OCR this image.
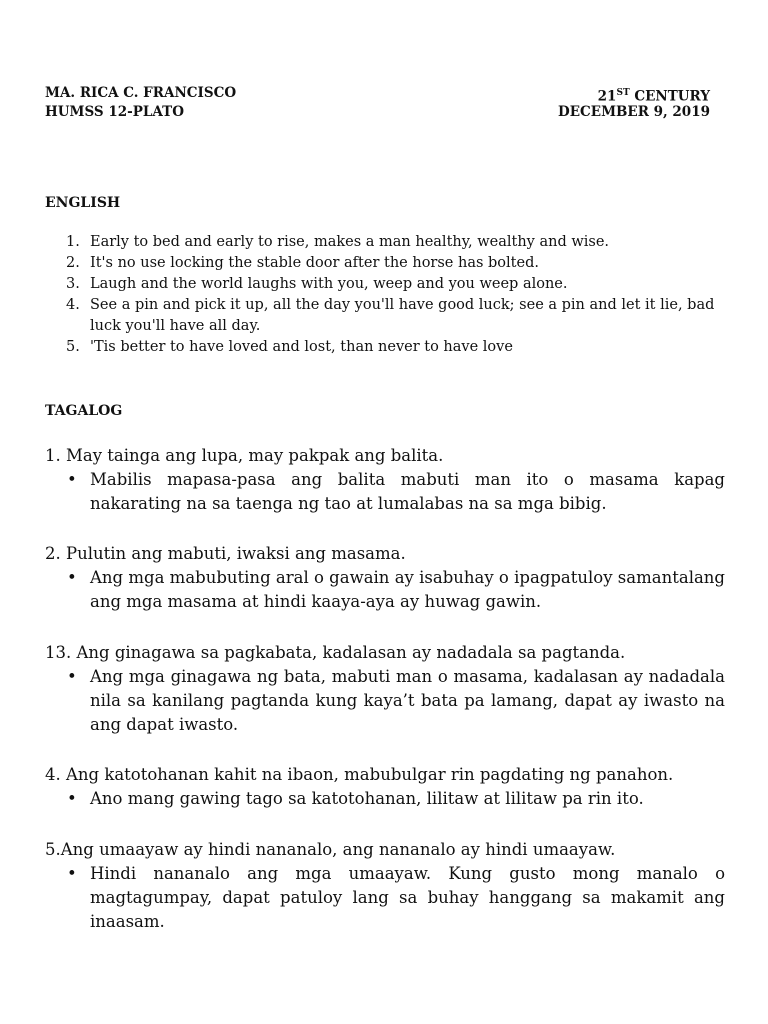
MA. RICA C. FRANCISCO
HUMSS 12-PLATO
21ST CENTURY
DECEMBER 9, 2019
ENGLISH
1. Early to bed and early to rise, makes a man healthy, wealthy and wise.
2. It's no use locking the stable door after the horse has bolted.
3. Laugh and the world laughs with you, weep and you weep alone.
4. See a pin and pick it up, all the day you'll have good luck; see a pin and let it lie, bad luck you'll have all day.
5. 'Tis better to have loved and lost, than never to have love
TAGALOG
1. May tainga ang lupa, may pakpak ang balita.
• Mabilis mapasa-pasa ang balita mabuti man ito o masama kapag nakarating na sa taenga ng tao at lumalabas na sa mga bibig.
2. Pulutin ang mabuti, iwaksi ang masama.
• Ang mga mabubuting aral o gawain ay isabuhay o ipagpatuloy samantalang ang mga masama at hindi kaaya-aya ay huwag gawin.
13. Ang ginagawa sa pagkabata, kadalasan ay nadadala sa pagtanda.
• Ang mga ginagawa ng bata, mabuti man o masama, kadalasan ay nadadala nila sa kanilang pagtanda kung kaya’t bata pa lamang, dapat ay iwasto na ang dapat iwasto.
4. Ang katotohanan kahit na ibaon, mabubulgar rin pagdating ng panahon.
• Ano mang gawing tago sa katotohanan, lilitaw at lilitaw pa rin ito.
5.Ang umaayaw ay hindi nananalo, ang nananalo ay hindi umaayaw.
• Hindi nananalo ang mga umaayaw. Kung gusto mong manalo o magtagumpay, dapat patuloy lang sa buhay hanggang sa makamit ang inaasam.
